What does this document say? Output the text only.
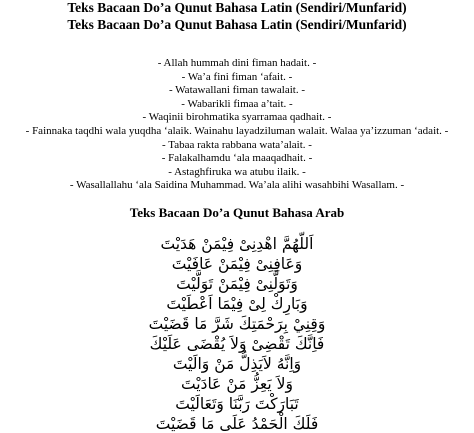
Teks Bacaan Do’a Qunut Bahasa Latin (Sendiri/Munfarid)
Teks Bacaan Do’a Qunut Bahasa Latin (Sendiri/Munfarid)
- Allah hummah dini fiman hadait. -
- Wa’a fini fiman ‘afait. -
- Watawallani fiman tawalait. -
- Wabarikli fimaa a’tait. -
- Waqinii birohmatika syarramaa qadhait. -
- Fainnaka taqdhi wala yuqdha ‘alaik. Wainahu layadziluman walait. Walaa ya’izzuman ‘adait. -
- Tabaa rakta rabbana wata’alait. -
- Falakalhamdu ‘ala maaqadhait. -
- Astaghfiruka wa atubu ilaik. -
- Wasallallahu ‘ala Saidina Muhammad. Wa’ala alihi wasahbihi Wasallam. -
Teks Bacaan Do’a Qunut Bahasa Arab
اَللّهُمَّ اهْدِنِىْ فِيْمَنْ هَدَيْتَ
وَعَافِنِىْ فِيْمَنْ عَافَيْتَ
وَتَوَلَّنِىْ فِيْمَنْ تَوَلَّيْتَ
وَبَارِكْ لِىْ فِيْمَا اَعْطَيْتَ
وَقِنِيْ بِرَحْمَتِكَ شَرَّ مَا قَضَيْتَ
فَاِنَّكَ تَقْضِىْ وَلاَ يُقْضَى عَلَيْكَ
وَاِنَّهُ لاَيَذِلُّ مَنْ وَالَيْتَ
وَلاَ يَعِزُّ مَنْ عَادَيْتَ
تَبَارَكْتَ رَبَّنَا وَتَعَالَيْتَ
فَلَكَ الْحَمْدُ عَلَى مَا قَضَيْتَ
